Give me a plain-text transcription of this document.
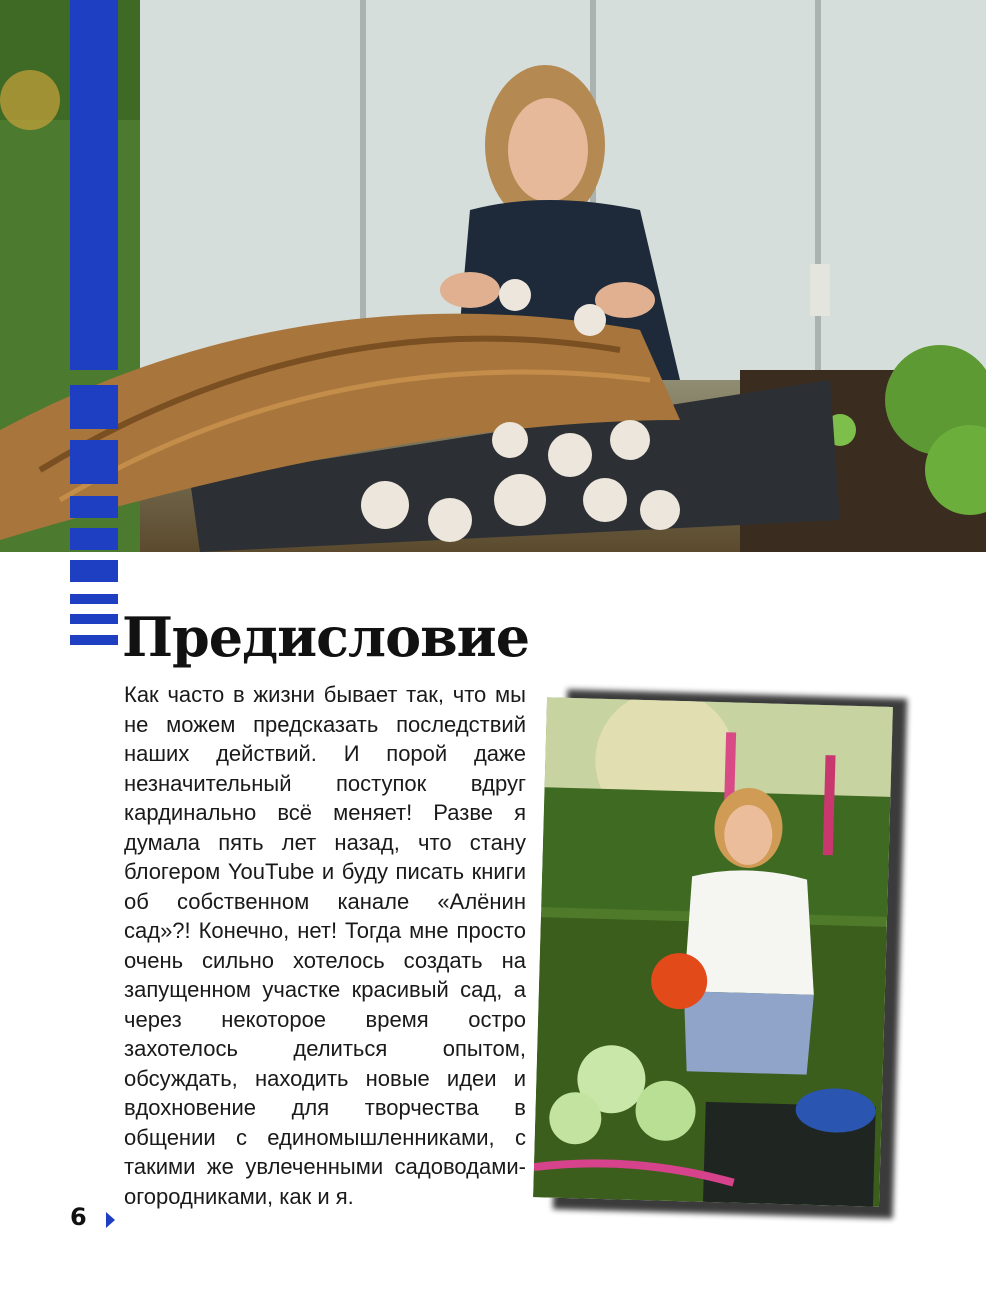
Предисловие

Как часто в жизни бывает так, что мы не можем предсказать последствий наших действий. И порой даже незначительный поступок вдруг кардинально всё меняет! Разве я думала пять лет назад, что стану блогером YouTube и буду писать книги об собственном канале «Алёнин сад»?! Конечно, нет! Тогда мне просто очень сильно хотелось создать на запущенном участке красивый сад, а через некоторое время остро захотелось делиться опытом, обсуждать, находить новые идеи и вдохновение для творчества в общении с единомышленниками, с такими же увлеченными садоводами-огородниками, как и я.

6
